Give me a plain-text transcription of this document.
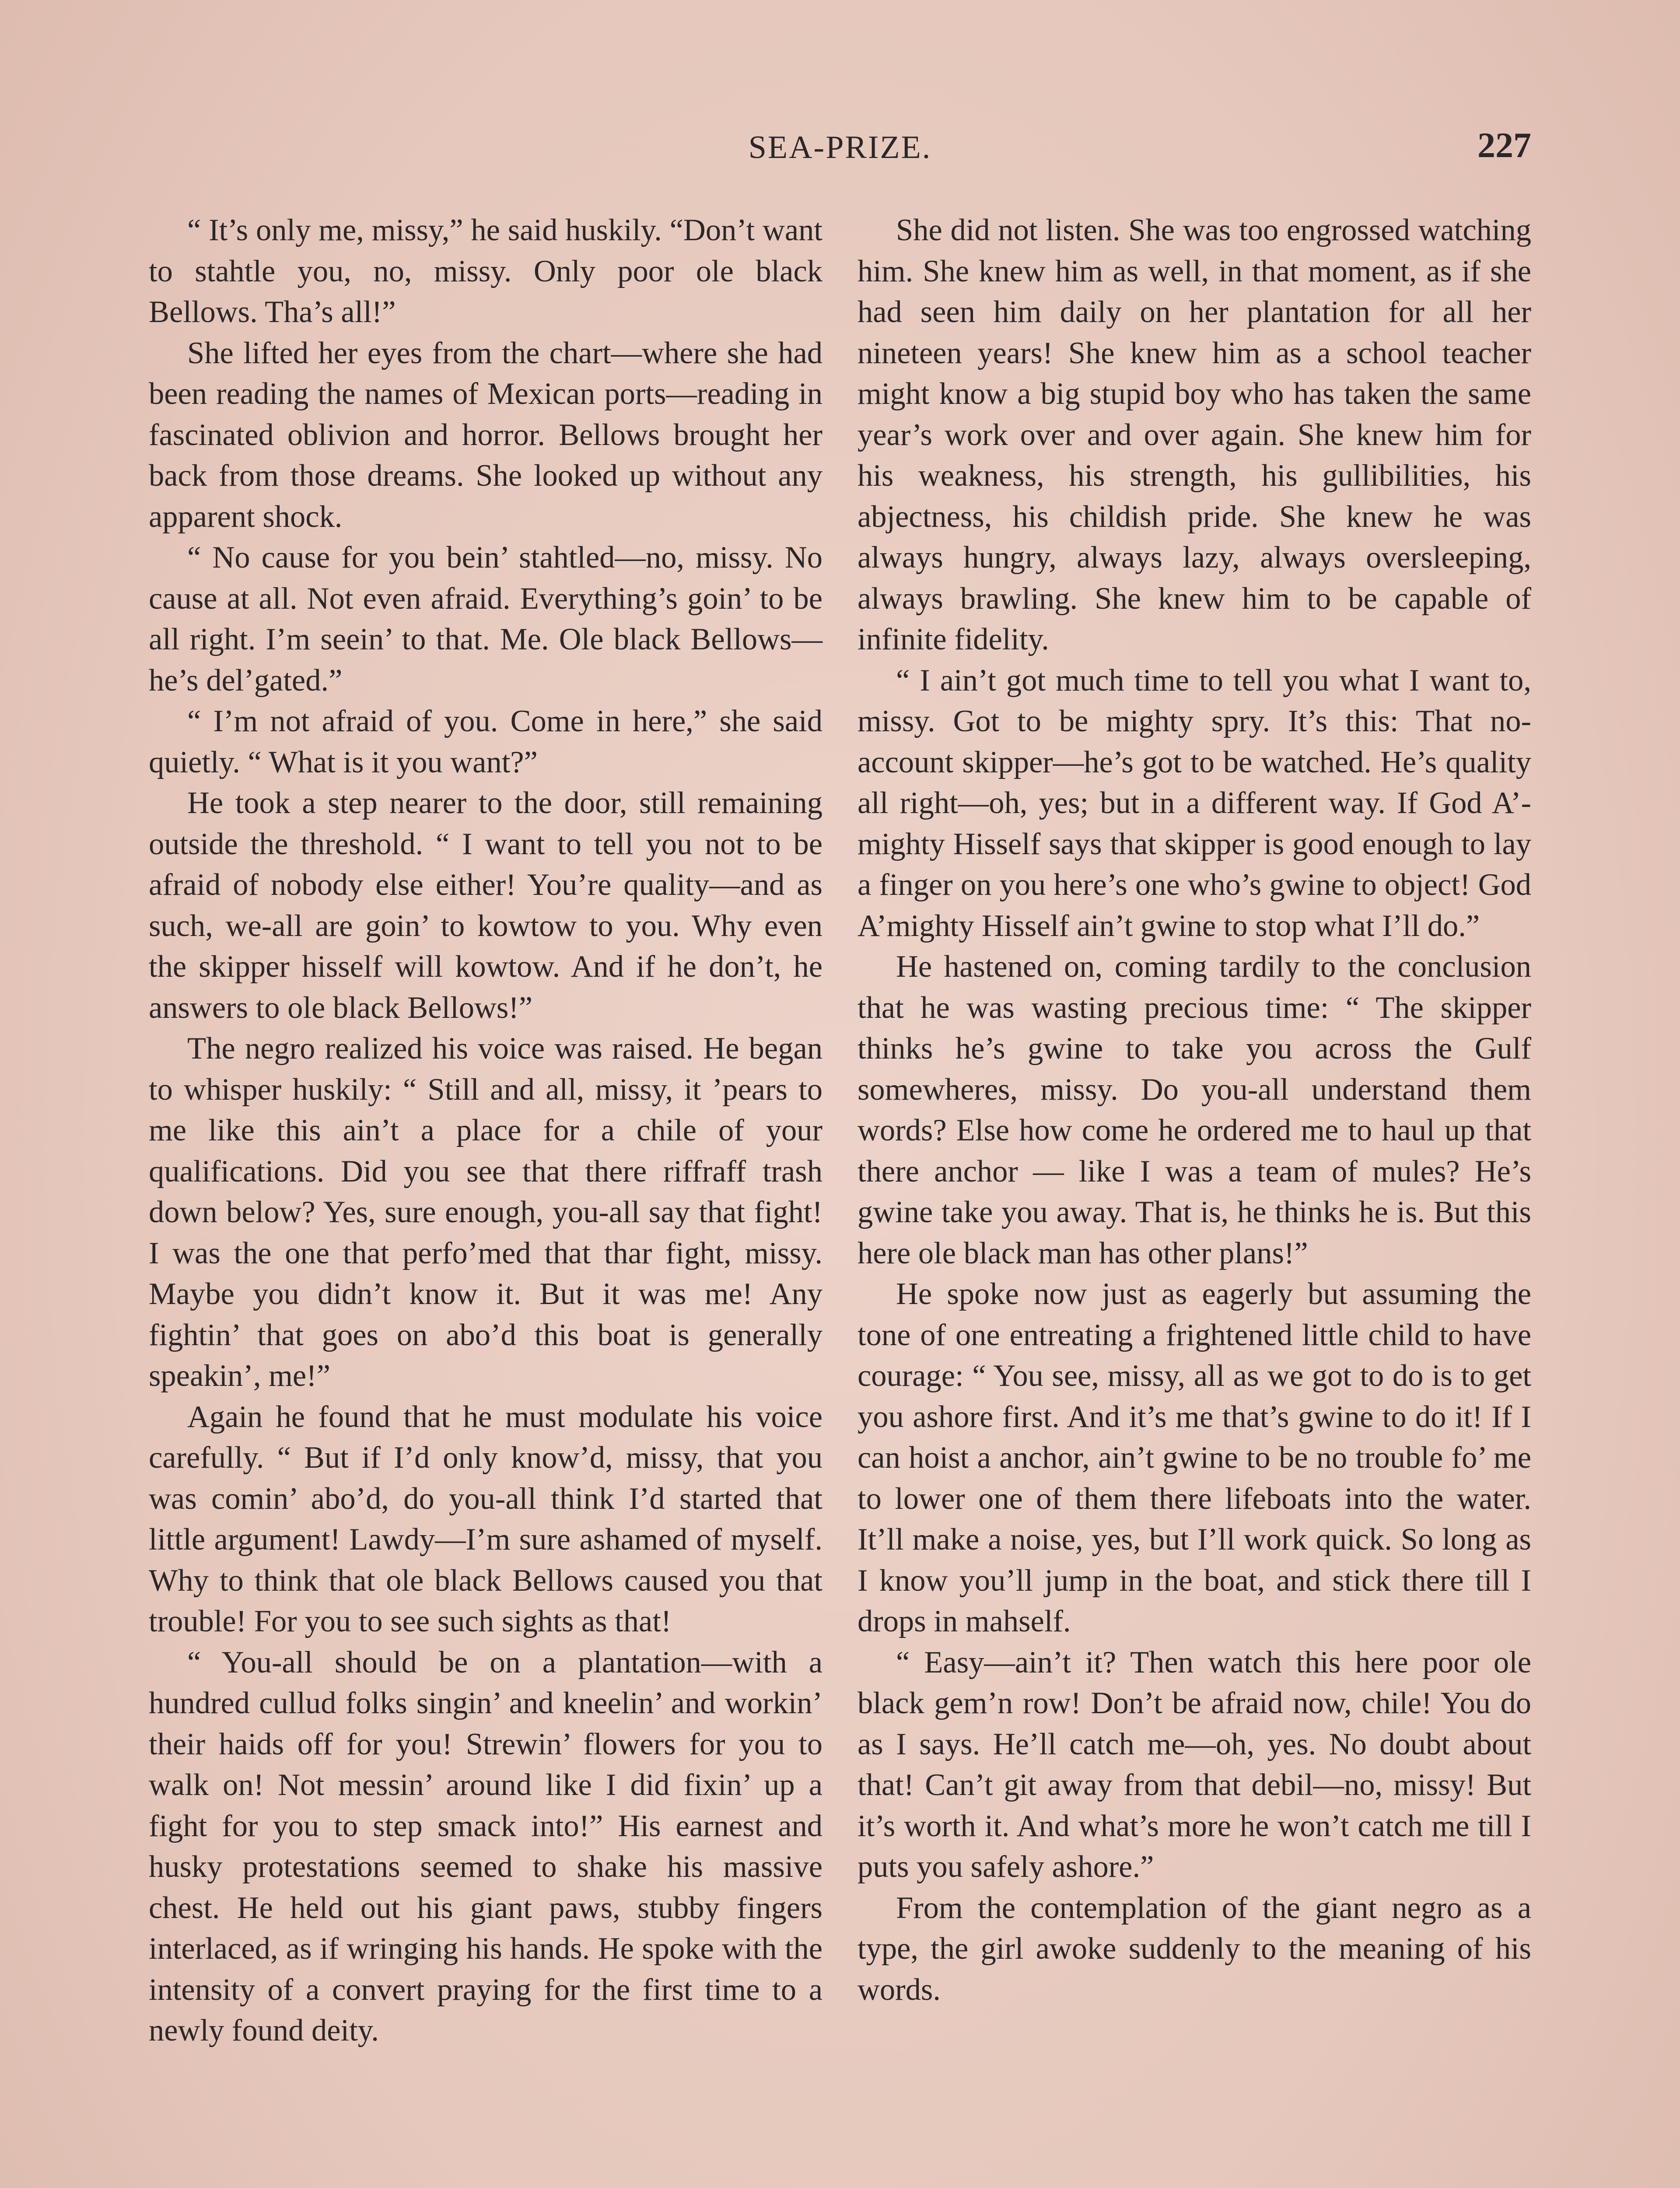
SEA-PRIZE.	227

“ It’s only me, missy,” he said huskily. “Don’t want to stahtle you, no, missy. Only poor ole black Bellows. Tha’s all!”

She lifted her eyes from the chart—where she had been reading the names of Mexican ports—reading in fascinated oblivion and horror. Bellows brought her back from those dreams. She looked up without any apparent shock.

“ No cause for you bein’ stahtled—no, missy. No cause at all. Not even afraid. Everything’s goin’ to be all right. I’m seein’ to that. Me. Ole black Bellows—he’s del’gated.”

“ I’m not afraid of you. Come in here,” she said quietly. “ What is it you want?”

He took a step nearer to the door, still remaining outside the threshold. “ I want to tell you not to be afraid of nobody else either! You’re quality—and as such, we-all are goin’ to kowtow to you. Why even the skipper hisself will kowtow. And if he don’t, he answers to ole black Bellows!”

The negro realized his voice was raised. He began to whisper huskily: “ Still and all, missy, it ’pears to me like this ain’t a place for a chile of your qualifications. Did you see that there riffraff trash down below? Yes, sure enough, you-all say that fight! I was the one that perfo’med that thar fight, missy. Maybe you didn’t know it. But it was me! Any fightin’ that goes on abo’d this boat is generally speakin’, me!”

Again he found that he must modulate his voice carefully. “ But if I’d only know’d, missy, that you was comin’ abo’d, do you-all think I’d started that little argument! Lawdy—I’m sure ashamed of myself. Why to think that ole black Bellows caused you that trouble! For you to see such sights as that!

“ You-all should be on a plantation—with a hundred cullud folks singin’ and kneelin’ and workin’ their haids off for you! Strewin’ flowers for you to walk on! Not messin’ around like I did fixin’ up a fight for you to step smack into!” His earnest and husky protestations seemed to shake his massive chest. He held out his giant paws, stubby fingers interlaced, as if wringing his hands. He spoke with the intensity of a convert praying for the first time to a newly found deity.

She did not listen. She was too engrossed watching him. She knew him as well, in that moment, as if she had seen him daily on her plantation for all her nineteen years! She knew him as a school teacher might know a big stupid boy who has taken the same year’s work over and over again. She knew him for his weakness, his strength, his gullibilities, his abjectness, his childish pride. She knew he was always hungry, always lazy, always oversleeping, always brawling. She knew him to be capable of infinite fidelity.

“ I ain’t got much time to tell you what I want to, missy. Got to be mighty spry. It’s this: That no-account skipper—he’s got to be watched. He’s quality all right—oh, yes; but in a different way. If God A’mighty Hisself says that skipper is good enough to lay a finger on you here’s one who’s gwine to object! God A’mighty Hisself ain’t gwine to stop what I’ll do.”

He hastened on, coming tardily to the conclusion that he was wasting precious time: “ The skipper thinks he’s gwine to take you across the Gulf somewheres, missy. Do you-all understand them words? Else how come he ordered me to haul up that there anchor — like I was a team of mules? He’s gwine take you away. That is, he thinks he is. But this here ole black man has other plans!”

He spoke now just as eagerly but assuming the tone of one entreating a frightened little child to have courage: “ You see, missy, all as we got to do is to get you ashore first. And it’s me that’s gwine to do it! If I can hoist a anchor, ain’t gwine to be no trouble fo’ me to lower one of them there lifeboats into the water. It’ll make a noise, yes, but I’ll work quick. So long as I know you’ll jump in the boat, and stick there till I drops in mahself.

“ Easy—ain’t it? Then watch this here poor ole black gem’n row! Don’t be afraid now, chile! You do as I says. He’ll catch me—oh, yes. No doubt about that! Can’t git away from that debil—no, missy! But it’s worth it. And what’s more he won’t catch me till I puts you safely ashore.”

From the contemplation of the giant negro as a type, the girl awoke suddenly to the meaning of his words.
